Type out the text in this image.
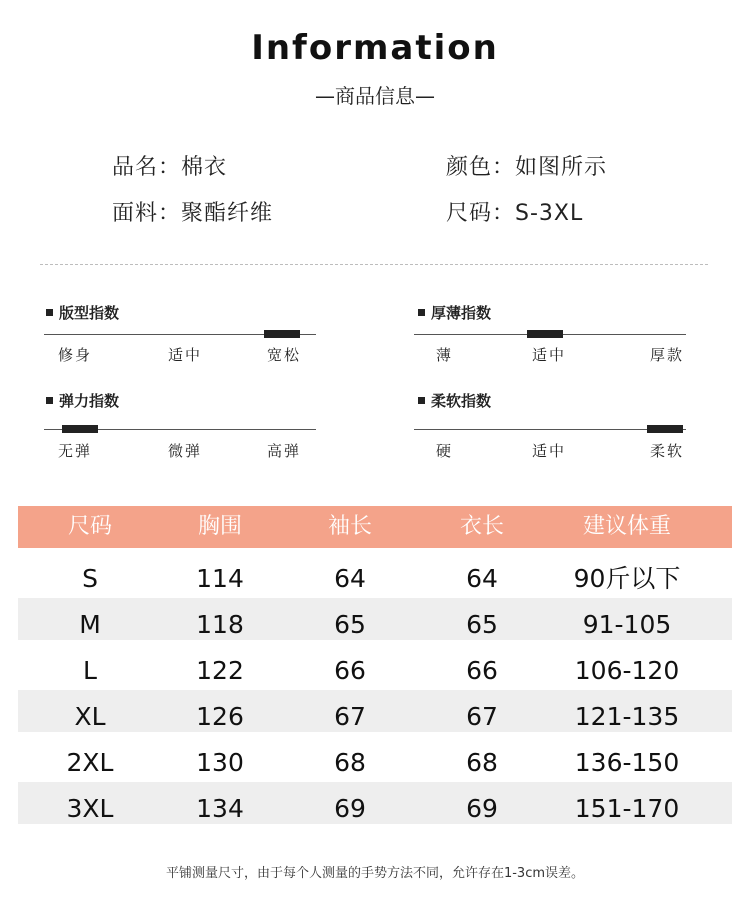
Information
—商品信息—
品名：棉衣	颜色：如图所示
面料：聚酯纤维	尺码：S-3XL
版型指数
修身	适中	宽松
厚薄指数
薄	适中	厚款
弹力指数
无弹	微弹	高弹
柔软指数
硬	适中	柔软
尺码	胸围	袖长	衣长	建议体重
S	114	64	64	90斤以下
M	118	65	65	91-105
L	122	66	66	106-120
XL	126	67	67	121-135
2XL	130	68	68	136-150
3XL	134	69	69	151-170
平铺测量尺寸，由于每个人测量的手势方法不同，允许存在1-3cm误差。
